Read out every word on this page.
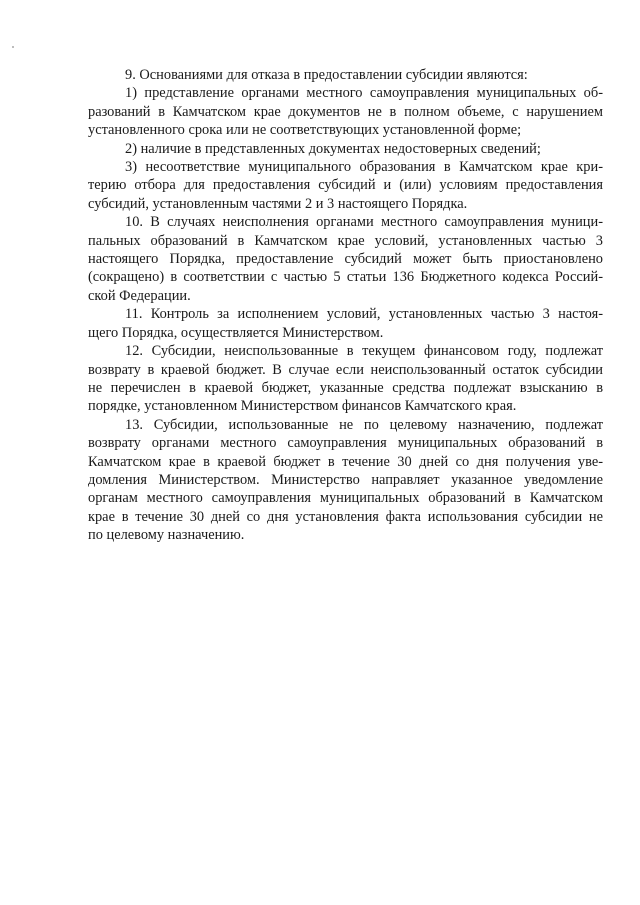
9. Основаниями для отказа в предоставлении субсидии являются:
1) представление органами местного самоуправления муниципальных об-
разований в Камчатском крае документов не в полном объеме, с нарушением
установленного срока или не соответствующих установленной форме;
2) наличие в представленных документах недостоверных сведений;
3) несоответствие муниципального образования в Камчатском крае кри-
терию отбора для предоставления субсидий и (или) условиям предоставления
субсидий, установленным частями 2 и 3 настоящего Порядка.
10. В случаях неисполнения органами местного самоуправления муници-
пальных образований в Камчатском крае условий, установленных частью 3
настоящего Порядка, предоставление субсидий может быть приостановлено
(сокращено) в соответствии с частью 5 статьи 136 Бюджетного кодекса Россий-
ской Федерации.
11. Контроль за исполнением условий, установленных частью 3 настоя-
щего Порядка, осуществляется Министерством.
12. Субсидии, неиспользованные в текущем финансовом году, подлежат
возврату в краевой бюджет. В случае если неиспользованный остаток субсидии
не перечислен в краевой бюджет, указанные средства подлежат взысканию в
порядке, установленном Министерством финансов Камчатского края.
13. Субсидии, использованные не по целевому назначению, подлежат
возврату органами местного самоуправления муниципальных образований в
Камчатском крае в краевой бюджет в течение 30 дней со дня получения уве-
домления Министерством. Министерство направляет указанное уведомление
органам местного самоуправления муниципальных образований в Камчатском
крае в течение 30 дней со дня установления факта использования субсидии не
по целевому назначению.
